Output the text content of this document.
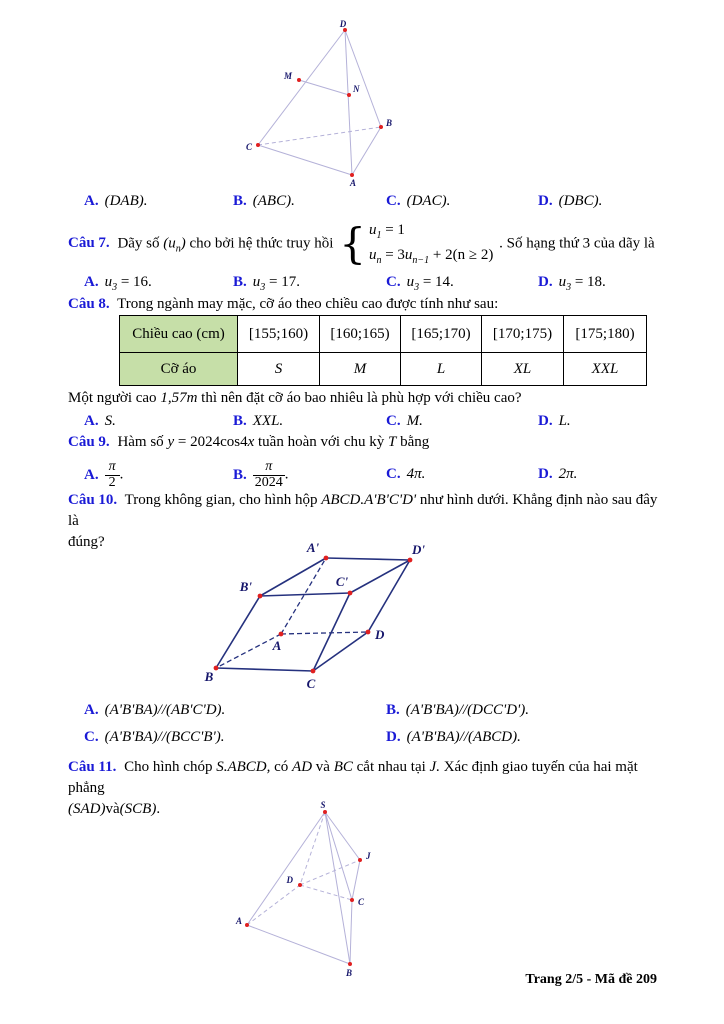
D
M
N
B
C
A
A. (DAB).	B. (ABC).	C. (DAC).	D. (DBC).
Câu 7. Dãy số $(u_n)$ cho bởi hệ thức truy hồi { $u_1 = 1$
$u_n = 3u_{n-1} + 2(n \ge 2)$
. Số hạng thứ 3 của dãy là
A. $u_3 = 16$.	B. $u_3 = 17$.	C. $u_3 = 14$.	D. $u_3 = 18$.
Câu 8. Trong ngành may mặc, cỡ áo theo chiều cao được tính như sau:
Chiều cao (cm)	[155;160)	[160;165)	[165;170)	[170;175)	[175;180)
Cỡ áo	S	M	L	XL	XXL
Một người cao 1,57m thì nên đặt cỡ áo bao nhiêu là phù hợp với chiều cao?
A. S.	B. XXL.	C. M.	D. L.
Câu 9. Hàm số y = 2024cos4x tuần hoàn với chu kỳ T bằng
A. $\frac{\pi}{2}$ .	B. $\frac{\pi}{2024}$ .	C. 4π.	D. 2π.
Câu 10. Trong không gian, cho hình hộp ABCD.A'B'C'D' như hình dưới. Khẳng định nào sau đây là
đúng?	A'	D'
B'	C'
A
D
B	C
A. (A'B'BA)//(AB'C'D).	B. (A'B'BA)//(DCC'D').
C. (A'B'BA)//(BCC'B').	D. (A'B'BA)//(ABCD).
Câu 11. Cho hình chóp S.ABCD, có AD và BC cắt nhau tại J. Xác định giao tuyến của hai mặt phẳng
(SAD)và(SCB).	S
J
D
C
A
B	Trang 2/5 - Mã đề 209
